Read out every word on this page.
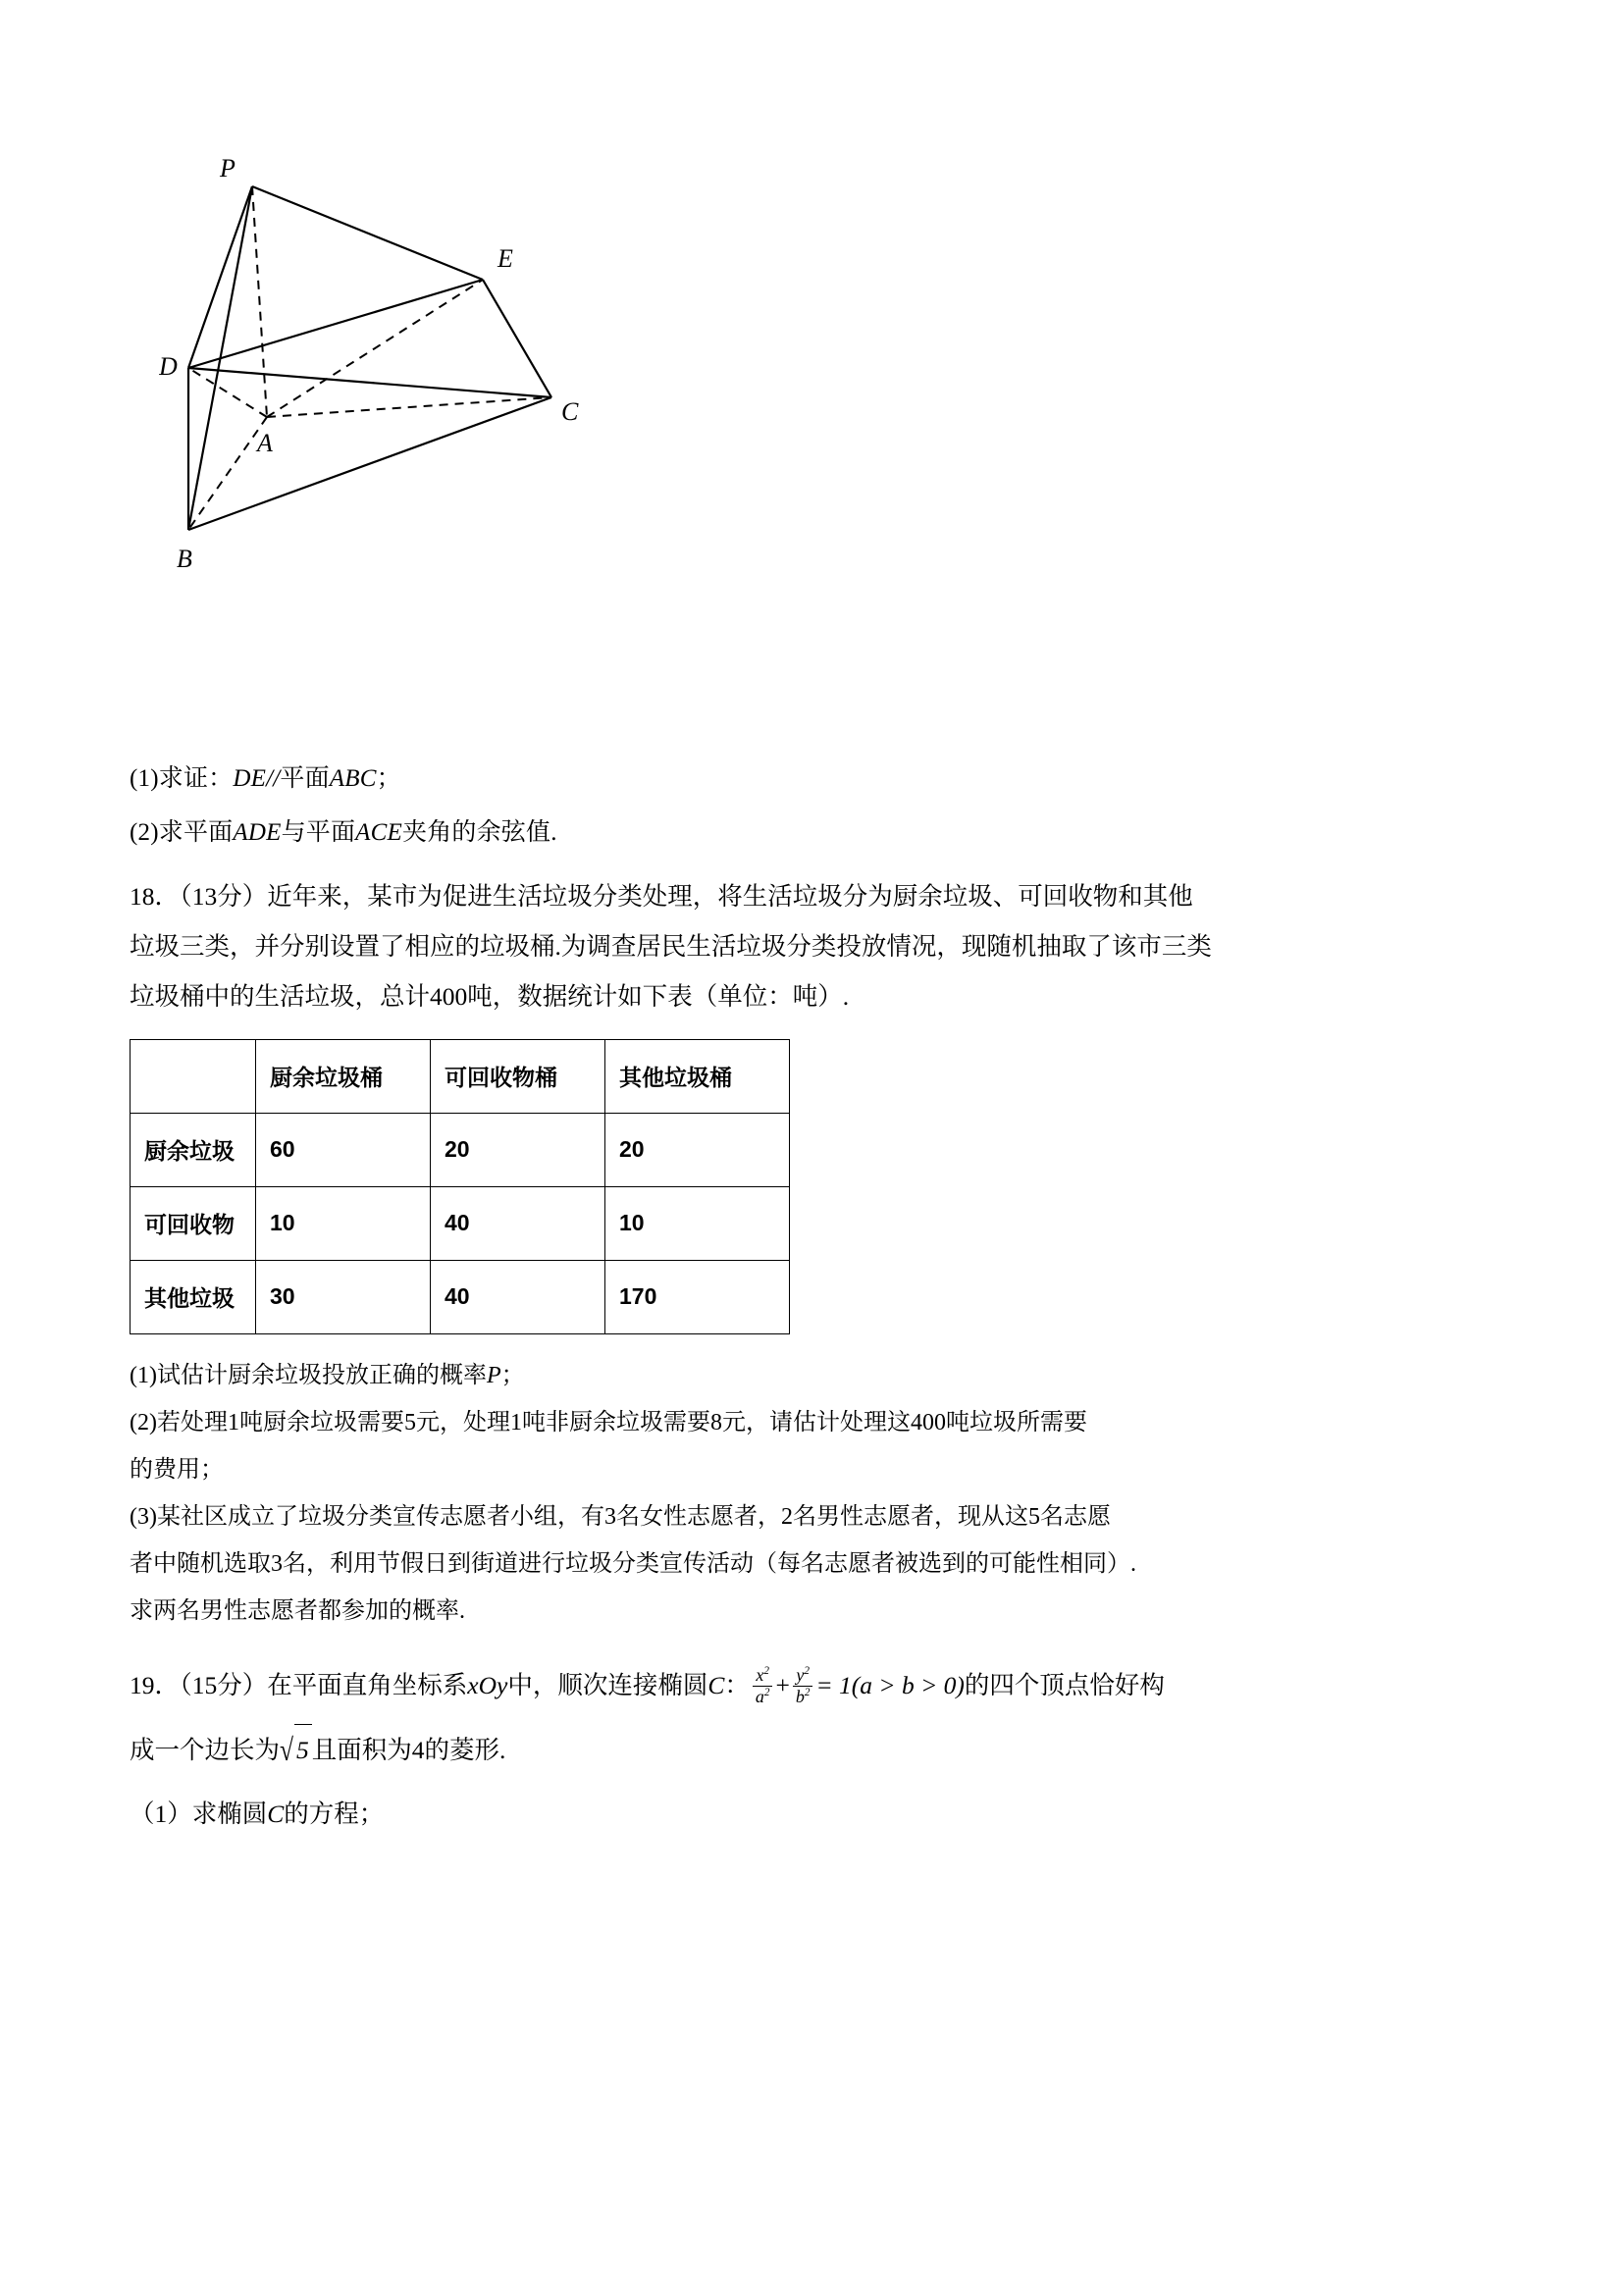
P
E
D
A
C
B

(1)求证：DE//平面ABC；

(2)求平面ADE与平面ACE夹角的余弦值.

18．（13分）近年来，某市为促进生活垃圾分类处理，将生活垃圾分为厨余垃圾、可回收物和其他

垃圾三类，并分别设置了相应的垃圾桶.为调查居民生活垃圾分类投放情况，现随机抽取了该市三类

垃圾桶中的生活垃圾，总计400吨，数据统计如下表（单位：吨）.

	厨余垃圾桶	可回收物桶	其他垃圾桶
厨余垃圾	60	20	20
可回收物	10	40	10
其他垃圾	30	40	170

(1)试估计厨余垃圾投放正确的概率P；

(2)若处理1吨厨余垃圾需要5元，处理1吨非厨余垃圾需要8元，请估计处理这400吨垃圾所需要

的费用；

(3)某社区成立了垃圾分类宣传志愿者小组，有3名女性志愿者，2名男性志愿者，现从这5名志愿

者中随机选取3名，利用节假日到街道进行垃圾分类宣传活动（每名志愿者被选到的可能性相同）.

求两名男性志愿者都参加的概率.

19．（15分）在平面直角坐标系xOy中，顺次连接椭圆C： $\frac{x^2}{a^2} + \frac{y^2}{b^2} = 1(a > b > 0)$的四个顶点恰好构

成一个边长为√ 5 且面积为4的菱形.

（1）求椭圆C的方程；
